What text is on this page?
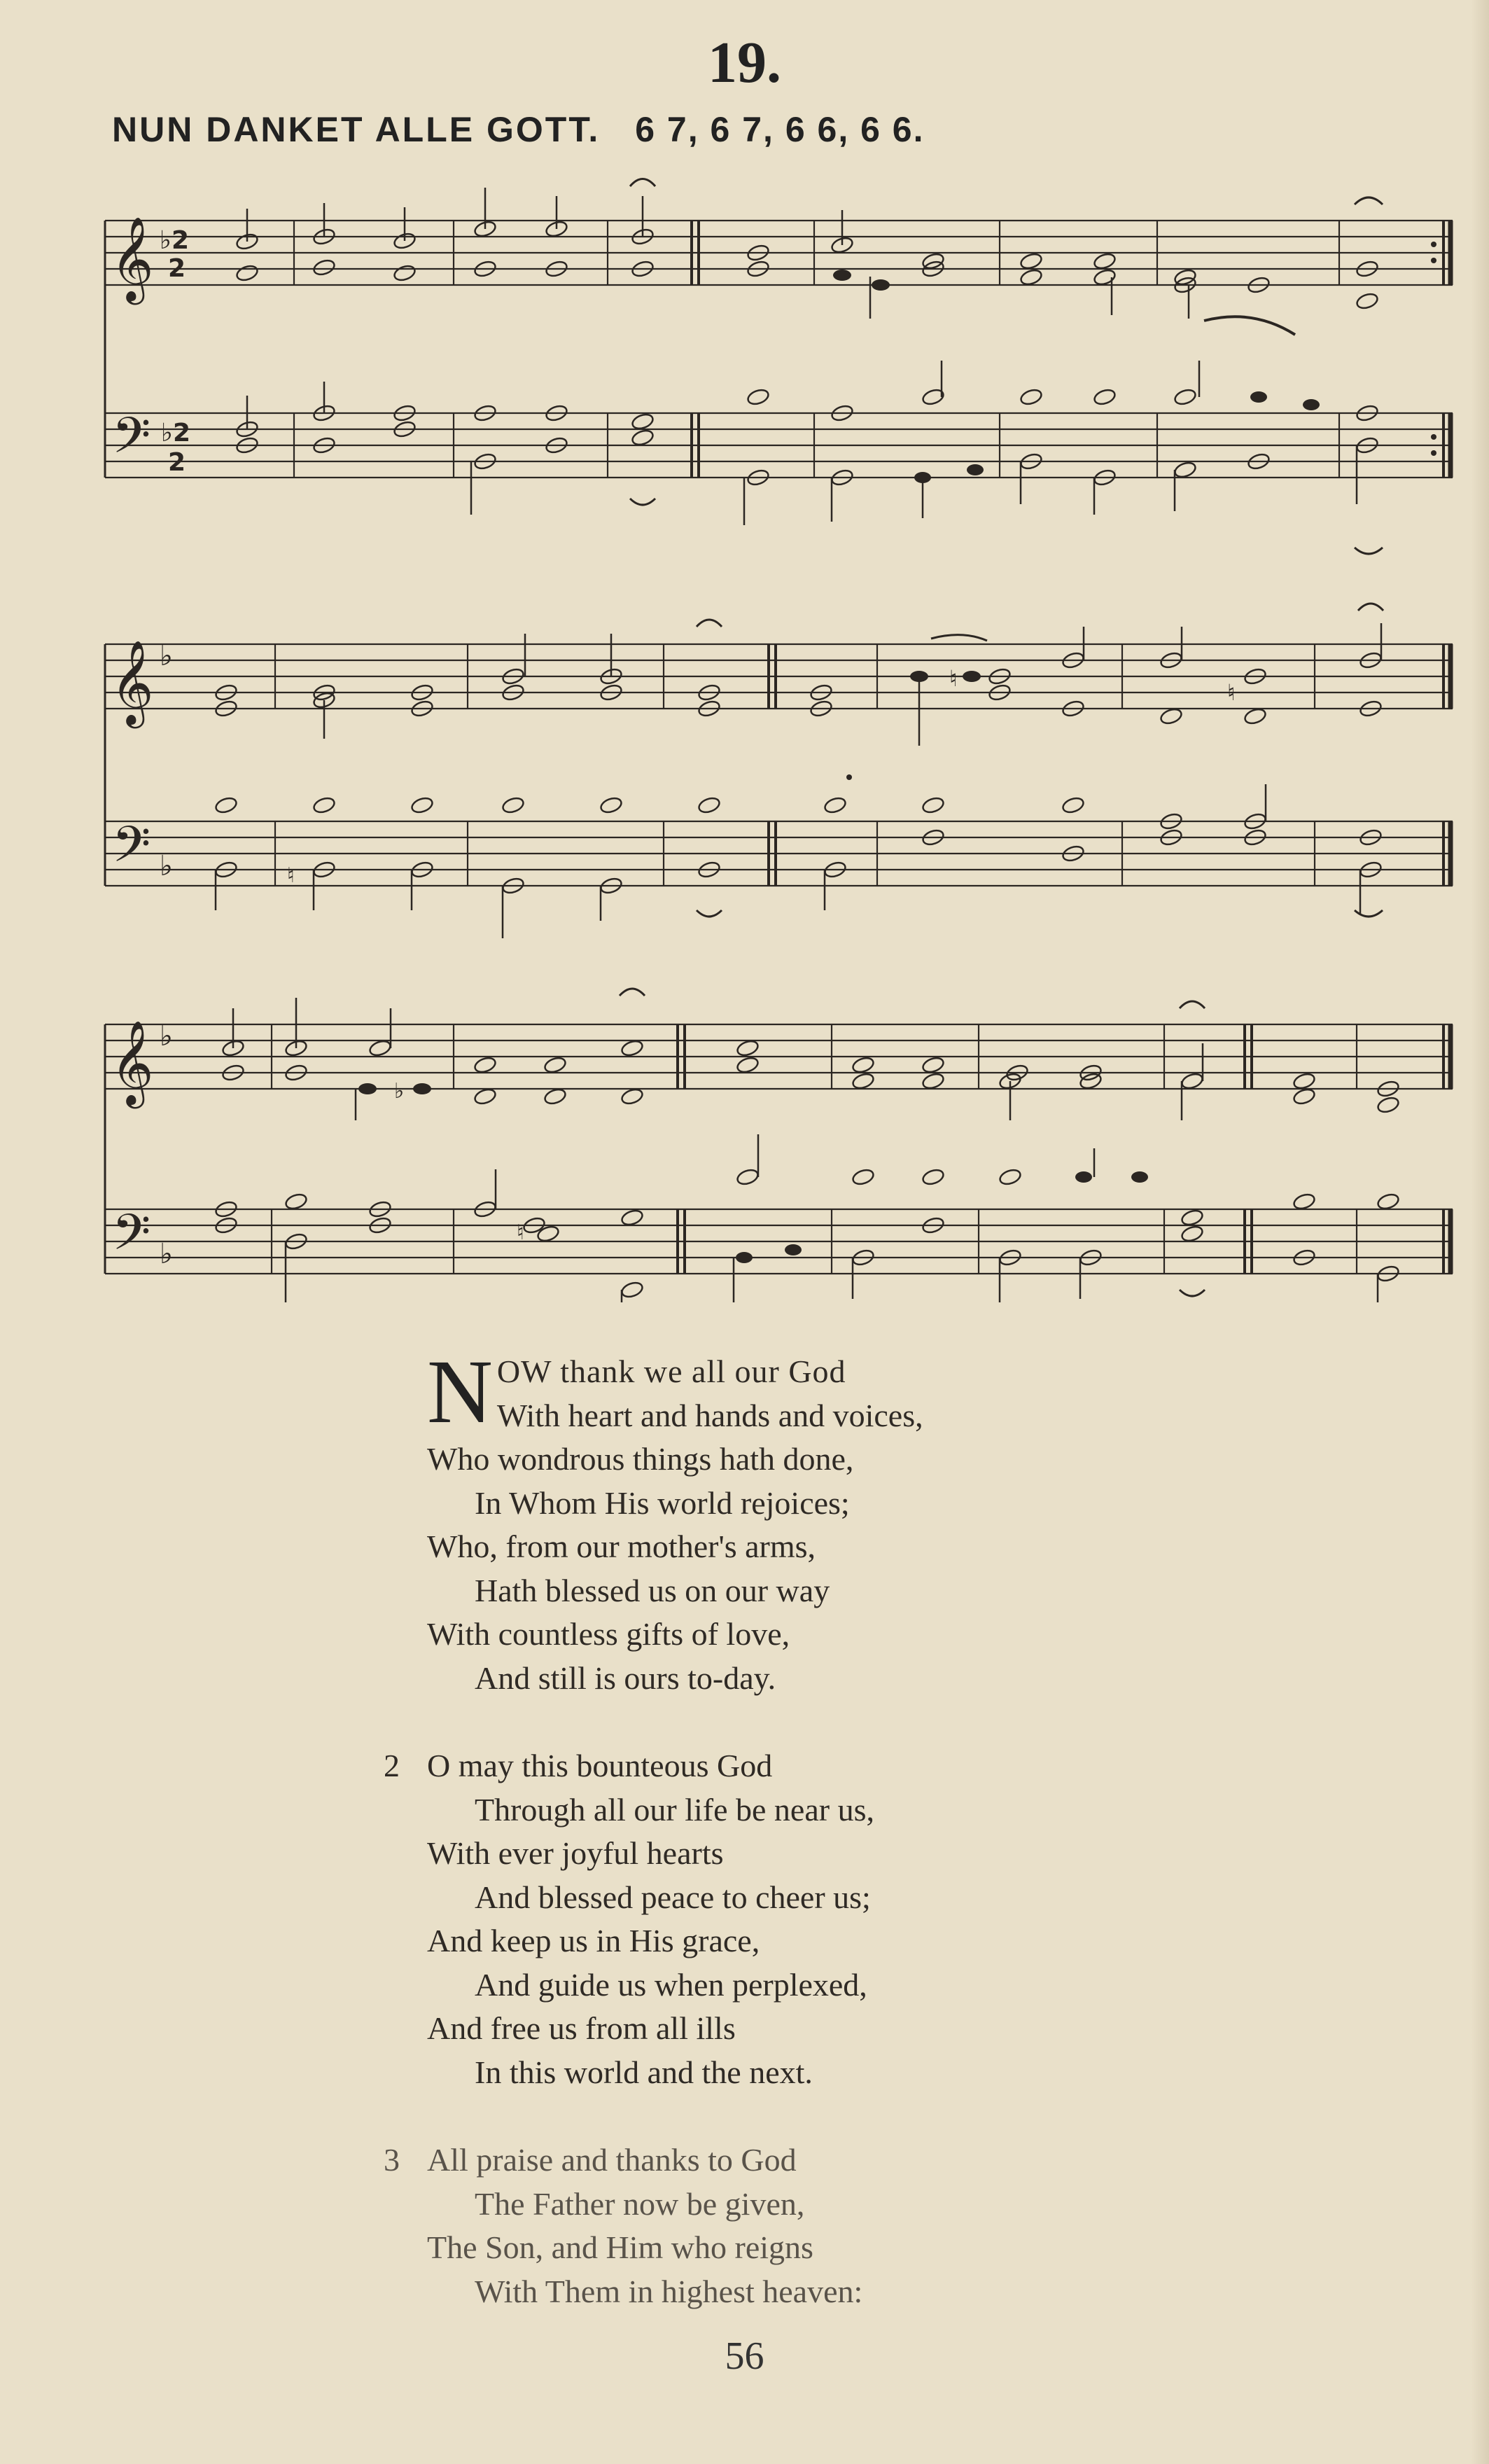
19.
NUN DANKET ALLE GOTT. 6 7, 6 7, 6 6, 6 6.
𝄞
𝄢
♭2
2
♭2
2
𝄞 ♭
𝄢 ♭
♮
♮
♮
𝄞 ♭
𝄢 ♭
♭
♮
N OW thank we all our God
With heart and hands and voices,
Who wondrous things hath done,
In Whom His world rejoices;
Who, from our mother's arms,
Hath blessed us on our way
With countless gifts of love,
And still is ours to-day.
2 O may this bounteous God
Through all our life be near us,
With ever joyful hearts
And blessed peace to cheer us;
And keep us in His grace,
And guide us when perplexed,
And free us from all ills
In this world and the next.
3 All praise and thanks to God
The Father now be given,
The Son, and Him who reigns
With Them in highest heaven:
56
